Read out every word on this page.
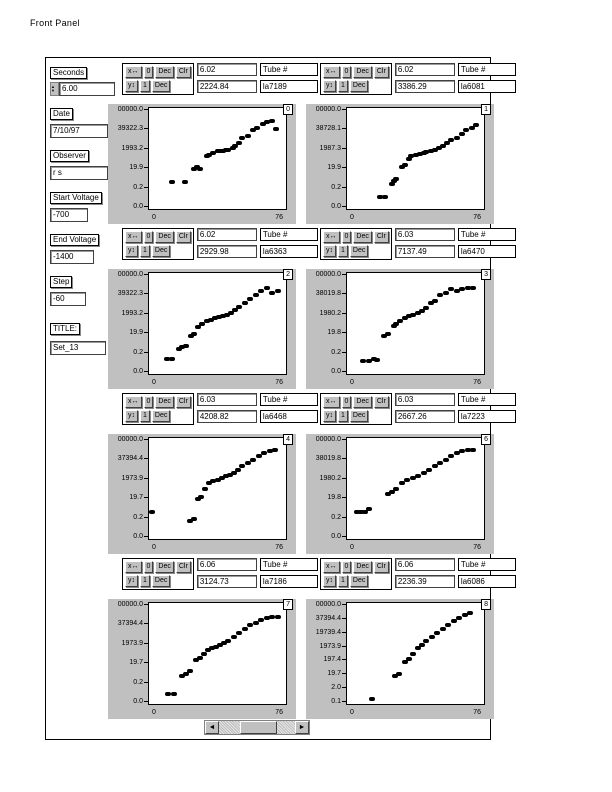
Front Panel
Seconds
▲
▼ 6.00
Date
7/10/97
Observer
r s
Start Voltage
-700
End Voltage
-1400
Step
-60
TITLE:
Set_13
x↔	0	Dec	Clr
y↕	1	Dec
6.02
2224.84
Tube #
la7189
00000.0
39322.3
1993.2
19.9
0.2
0.0
0	76
0
x↔	0	Dec	Clr
y↕	1	Dec
6.02
3386.29
Tube #
la6081
00000.0
38728.1
1987.3
19.9
0.2
0.0
0	76
1
x↔	0	Dec	Clr
y↕	1	Dec
6.02
2929.98
Tube #
la6363
00000.0
39322.3
1993.2
19.9
0.2
0.0
0	76
2
x↔	0	Dec	Clr
y↕	1	Dec
6.03
7137.49
Tube #
la6470
00000.0
38019.8
1980.2
19.8
0.2
0.0
0	76
3
x↔	0	Dec	Clr
y↕	1	Dec
6.03
4208.82
Tube #
la6468
00000.0
37394.4
1973.9
19.7
0.2
0.0
0	76
4
x↔	0	Dec	Clr
y↕	1	Dec
6.03
2667.26
Tube #
la7223
00000.0
38019.8
1980.2
19.8
0.2
0.0
0	76
6
x↔	0	Dec	Clr
y↕	1	Dec
6.06
3124.73
Tube #
la7186
00000.0
37394.4
1973.9
19.7
0.2
0.0
0	76
7
x↔	0	Dec	Clr
y↕	1	Dec
6.06
2236.39
Tube #
la6086
00000.0
37394.4
19739.4
1973.9
197.4
19.7
2.0
0.1
0	76
8
◄	►
